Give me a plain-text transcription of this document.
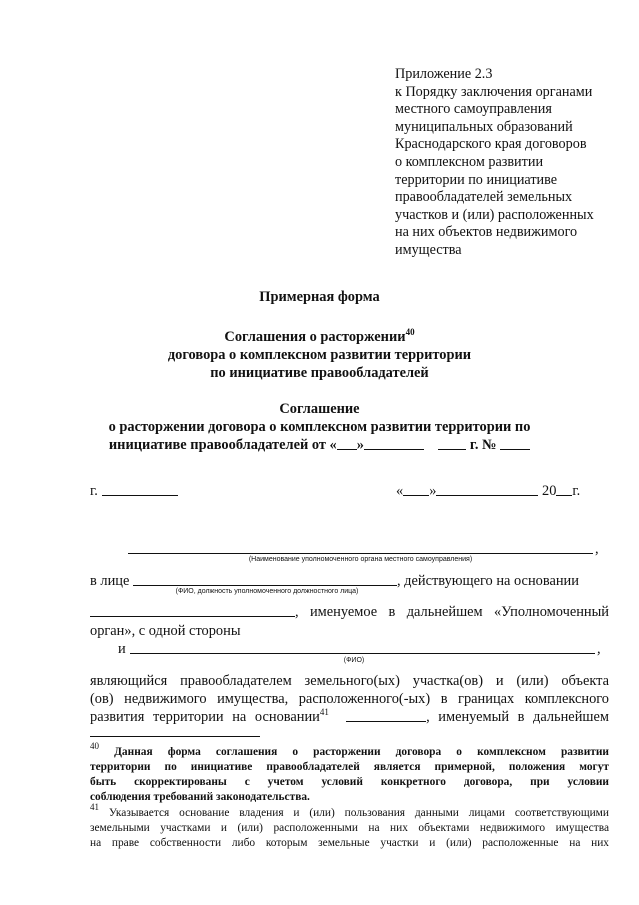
Приложение 2.3
к Порядку заключения органами
местного самоуправления
муниципальных образований
Краснодарского края договоров
о комплексном развитии
территории по инициативе
правообладателей земельных
участков и (или) расположенных
на них объектов недвижимого
имущества
Примерная форма
Соглашения о расторжении$^{40}$
договора о комплексном развитии территории
по инициативе правообладателей
Соглашение
о расторжении договора о комплексном развитии территории по
инициативе правообладателей от « »	г. №
г.	« »	20 г.
,
(Наименование уполномоченного органа местного самоуправления)
в лице	, действующего на основании
(ФИО, должность уполномоченного должностного лица)
, именуемое в дальнейшем «Уполномоченный
орган», с одной стороны
и	,
(ФИО)
являющийся правообладателем земельного(ых) участка(ов) и (или) объекта
(ов) недвижимого имущества, расположенного(-ых) в границах комплексного
развития территории на основании$^{41}$	, именуемый в дальнейшем
$^{40}$ Данная форма соглашения о расторжении договора о комплексном развитии
территории по инициативе правообладателей является примерной, положения могут
быть скорректированы с учетом условий конкретного договора, при условии
соблюдения требований законодательства.
$^{41}$ Указывается основание владения и (или) пользования данными лицами соответствующими
земельными участками и (или) расположенными на них объектами недвижимого имущества
на праве собственности либо которым земельные участки и (или) расположенные на них
